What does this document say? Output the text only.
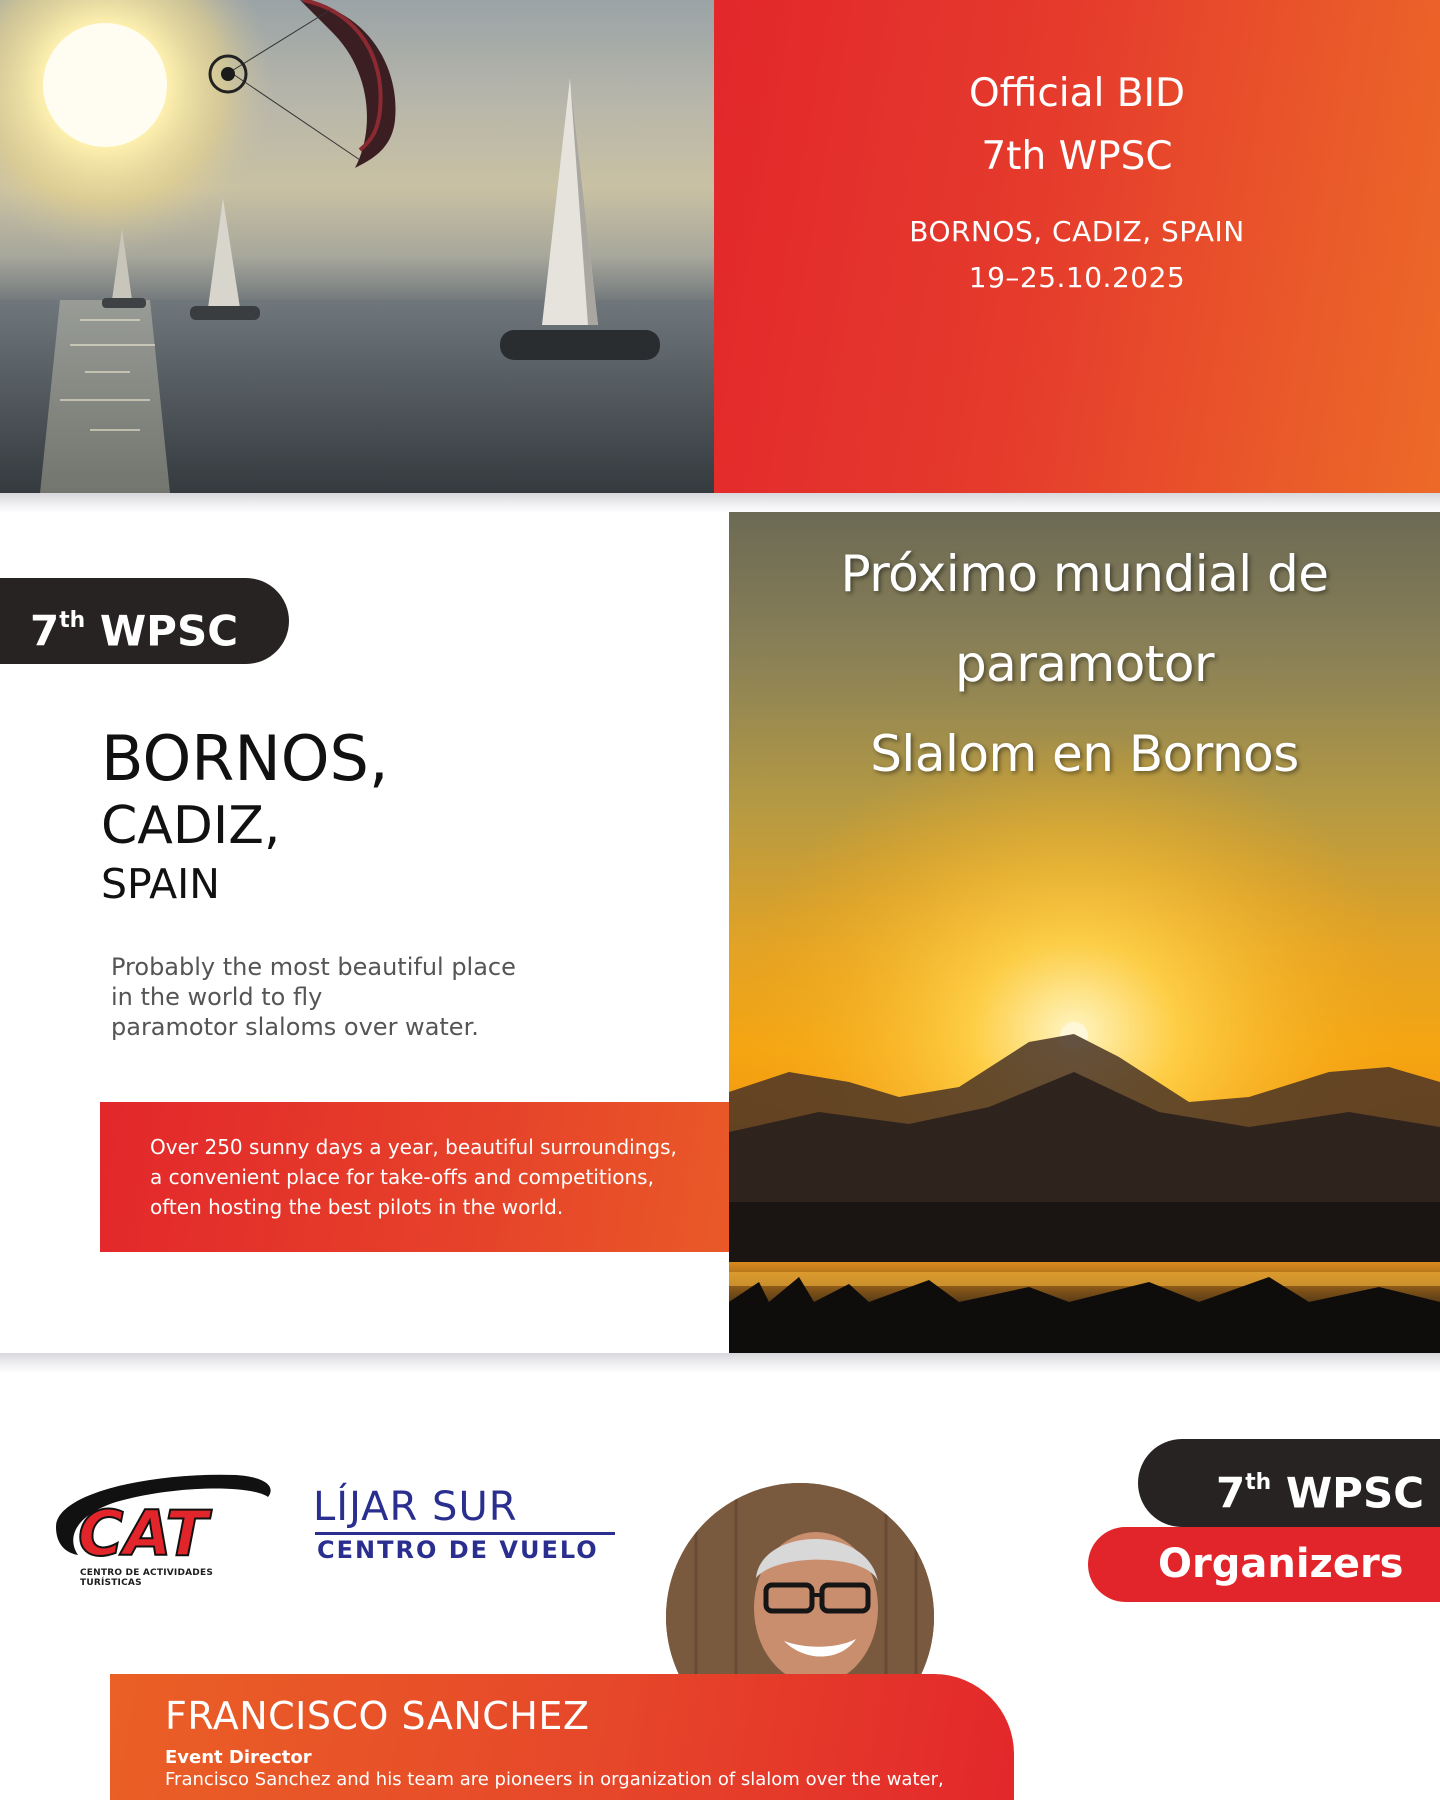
Official BID
7th WPSC
BORNOS, CADIZ, SPAIN
19–25.10.2025
7th WPSC
BORNOS,
CADIZ,
SPAIN
Probably the most beautiful place
in the world to fly
paramotor slaloms over water.
Over 250 sunny days a year, beautiful surroundings,
a convenient place for take-offs and competitions,
often hosting the best pilots in the world.
Próximo mundial de paramotor
Slalom en Bornos
CAT
CENTRO DE ACTIVIDADES TURÍSTICAS
LÍJAR SUR
CENTRO DE VUELO
7th WPSC
Organizers
FRANCISCO SANCHEZ
Event Director
Francisco Sanchez and his team are pioneers in organization of slalom over the water,
